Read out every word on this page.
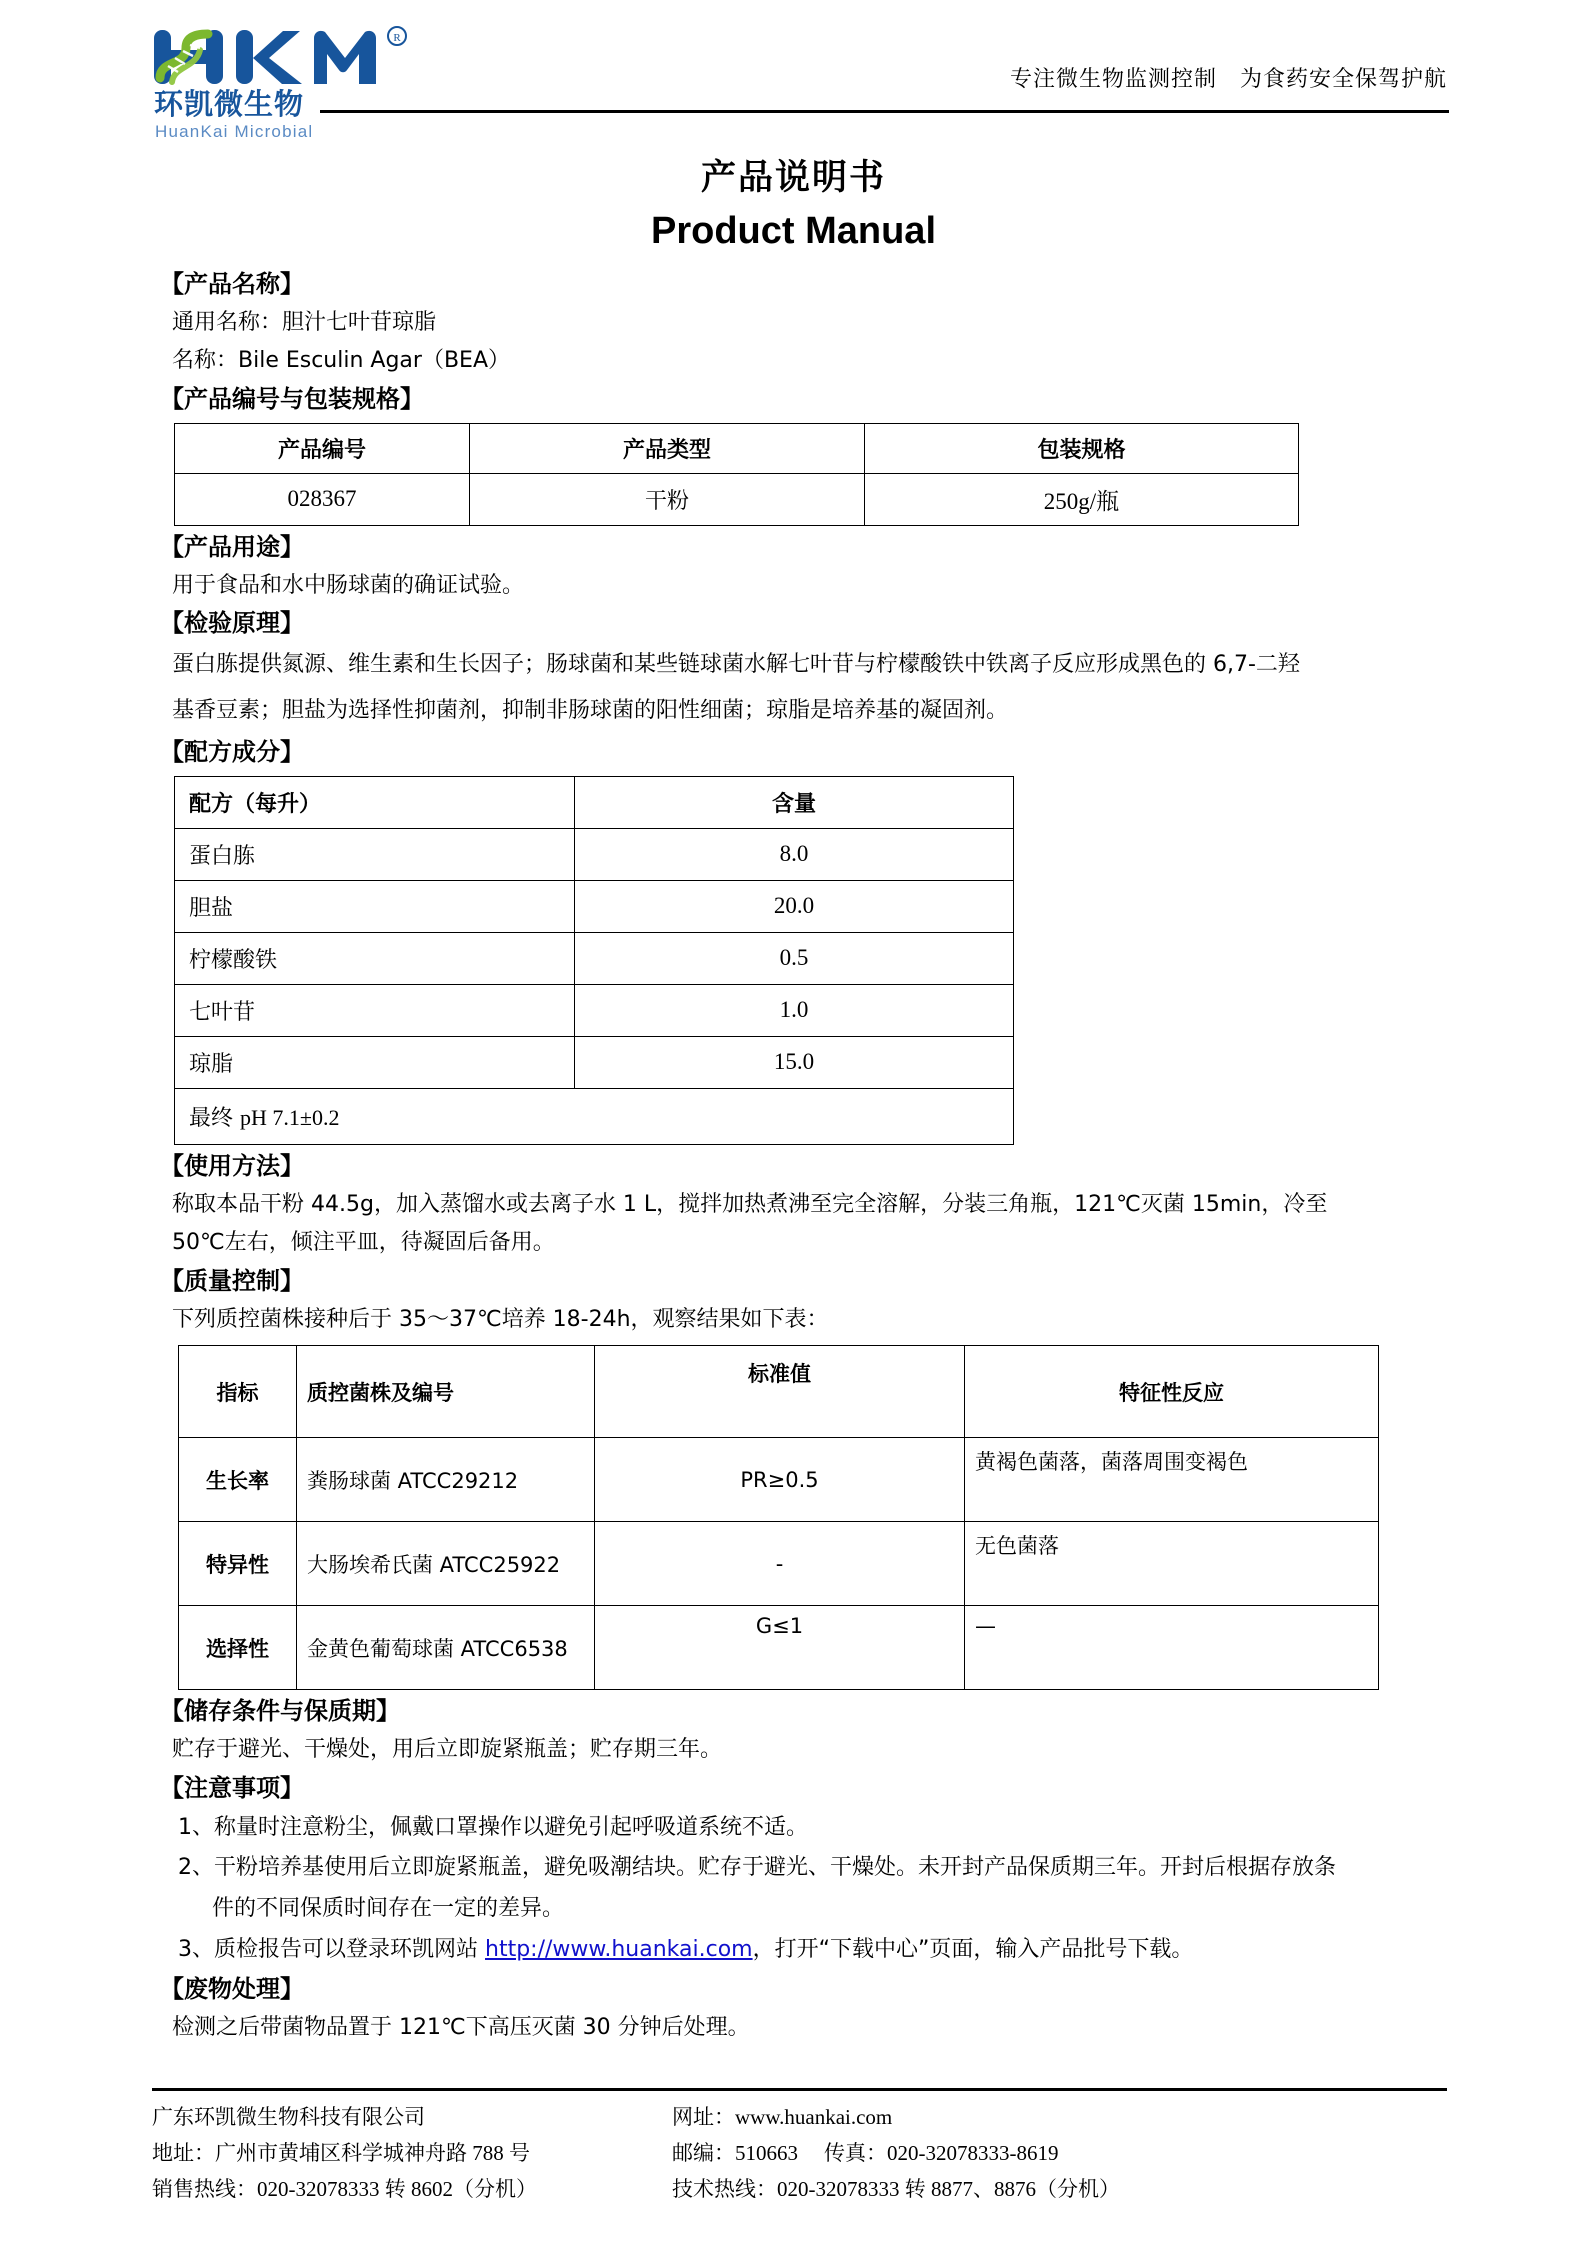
R
环凯微生物
HuanKai Microbial
专注微生物监测控制　为食药安全保驾护航
产品说明书
Product Manual
【产品名称】
通用名称：胆汁七叶苷琼脂
名称：Bile Esculin Agar（BEA）
【产品编号与包装规格】
产品编号	产品类型	包装规格
028367	干粉	250g/瓶
【产品用途】
用于食品和水中肠球菌的确证试验。
【检验原理】
蛋白胨提供氮源、维生素和生长因子；肠球菌和某些链球菌水解七叶苷与柠檬酸铁中铁离子反应形成黑色的 6,7-二羟
基香豆素；胆盐为选择性抑菌剂，抑制非肠球菌的阳性细菌；琼脂是培养基的凝固剂。
【配方成分】
配方（每升）	含量
蛋白胨	8.0
胆盐	20.0
柠檬酸铁	0.5
七叶苷	1.0
琼脂	15.0
最终 pH 7.1±0.2	
【使用方法】
称取本品干粉 44.5g，加入蒸馏水或去离子水 1 L，搅拌加热煮沸至完全溶解，分装三角瓶，121℃灭菌 15min，冷至
50℃左右，倾注平皿，待凝固后备用。
【质量控制】
下列质控菌株接种后于 35～37℃培养 18-24h，观察结果如下表：
指标	质控菌株及编号	标准值	特征性反应
生长率	粪肠球菌 ATCC29212	PR≥0.5	黄褐色菌落，菌落周围变褐色
特异性	大肠埃希氏菌 ATCC25922	-	无色菌落
选择性	金黄色葡萄球菌 ATCC6538	G≤1	—
【储存条件与保质期】
贮存于避光、干燥处，用后立即旋紧瓶盖；贮存期三年。
【注意事项】
1、称量时注意粉尘，佩戴口罩操作以避免引起呼吸道系统不适。
2、干粉培养基使用后立即旋紧瓶盖，避免吸潮结块。贮存于避光、干燥处。未开封产品保质期三年。开封后根据存放条
件的不同保质时间存在一定的差异。
3、质检报告可以登录环凯网站 http://www.huankai.com，打开“下载中心”页面，输入产品批号下载。
【废物处理】
检测之后带菌物品置于 121℃下高压灭菌 30 分钟后处理。
广东环凯微生物科技有限公司
地址：广州市黄埔区科学城神舟路 788 号
销售热线：020-32078333 转 8602（分机）
网址：www.huankai.com
邮编：510663 传真：020-32078333-8619
技术热线：020-32078333 转 8877、8876（分机）
